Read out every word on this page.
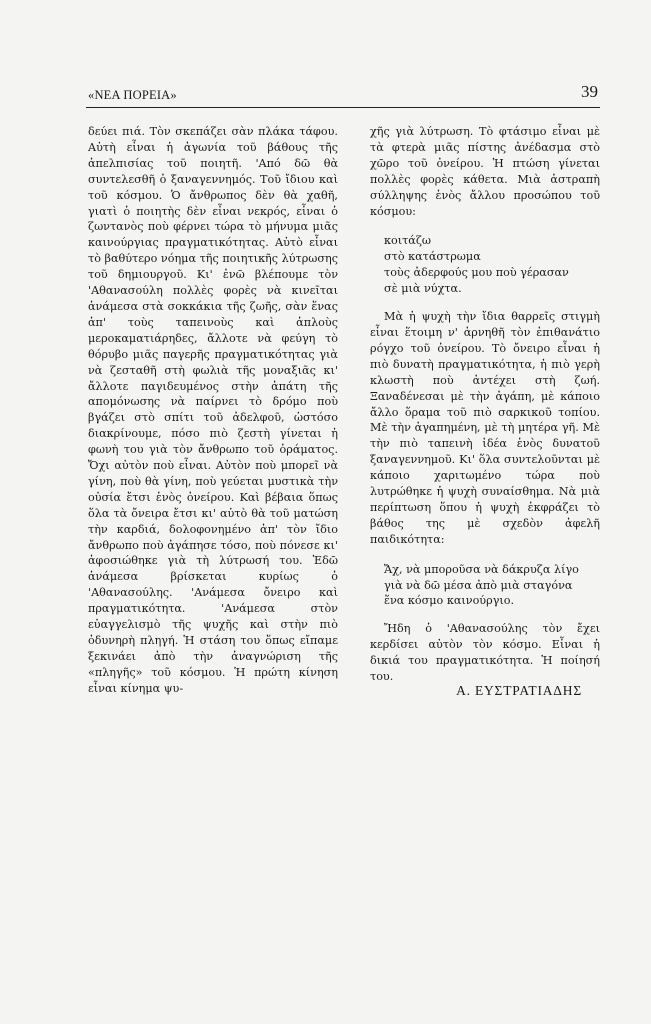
«ΝΕΑ ΠΟΡΕΙΑ»	39

δεύει πιά. Τὸν σκεπάζει σὰν πλάκα τάφου. Αὐτὴ εἶναι ἡ ἀγωνία τοῦ βάθους τῆς ἀπελπισίας τοῦ ποιητῆ. 'Από δῶ θὰ συντελεσθῆ ὁ ξαναγεννημός. Τοῦ ἴδιου καὶ τοῦ κόσμου. Ὁ ἄνθρωπος δὲν θὰ χαθῆ, γιατὶ ὁ ποιητὴς δὲν εἶναι νεκρός, εἶναι ὁ ζωντανὸς ποὺ φέρνει τώρα τὸ μήνυμα μιᾶς καινούργιας πραγματικότητας. Αὐτὸ εἶναι τὸ βαθύτερο νόημα τῆς ποιητικῆς λύτρωσης τοῦ δημιουργοῦ. Κι' ἐνῶ βλέπουμε τὸν 'Αθανασούλη πολλὲς φορὲς νὰ κινεῖται ἀνάμεσα στὰ σοκκάκια τῆς ζωῆς, σὰν ἕνας ἀπ' τοὺς ταπεινοὺς καὶ ἁπλοὺς μεροκαματιάρηδες, ἄλλοτε νὰ φεύγη τὸ θόρυβο μιᾶς παγερῆς πραγματικότητας γιὰ νὰ ζεσταθῆ στὴ φωλιὰ τῆς μοναξιᾶς κι' ἄλλοτε παγιδευμένος στὴν ἀπάτη τῆς απομόνωσης νὰ παίρνει τὸ δρόμο ποὺ βγάζει στὸ σπίτι τοῦ ἀδελφοῦ, ὡστόσο διακρίνουμε, πόσο πιὸ ζεστὴ γίνεται ἡ φωνὴ του γιὰ τὸν ἄνθρωπο τοῦ ὁράματος. Ὄχι αὐτὸν ποὺ εἶναι. Αὐτὸν ποὺ μπορεῖ νὰ γίνη, ποὺ θὰ γίνη, ποὺ γεύεται μυστικὰ τὴν οὐσία ἔτσι ἑνὸς ὀνείρου. Καὶ βέβαια ὅπως ὅλα τὰ ὄνειρα ἔτσι κι' αὐτὸ θὰ τοῦ ματώση τὴν καρδιά, δολοφονημένο ἀπ' τὸν ἴδιο ἄνθρωπο ποὺ ἀγάπησε τόσο, ποὺ πόνεσε κι' ἀφοσιώθηκε γιὰ τὴ λύτρωσή του. Ἐδῶ ἀνάμεσα βρίσκεται κυρίως ὁ 'Αθανασούλης. 'Ανάμεσα ὄνειρο καὶ πραγματικότητα. 'Ανάμεσα στὸν εὐαγγελισμὸ τῆς ψυχῆς καὶ στὴν πιὸ ὀδυνηρὴ πληγή. Ἡ στάση του ὅπως εἴπαμε ξεκινάει ἀπὸ τὴν ἀναγνώριση τῆς «πληγῆς» τοῦ κόσμου. Ἡ πρώτη κίνηση εἶναι κίνημα ψυ-

χῆς γιὰ λύτρωση. Τὸ φτάσιμο εἶναι μὲ τὰ φτερὰ μιᾶς πίστης ἀνέδασμα στὸ χῶρο τοῦ ὀνείρου. Ἡ πτώση γίνεται πολλὲς φορὲς κάθετα. Μιὰ ἀστραπὴ σύλληψης ἑνὸς ἄλλου προσώπου τοῦ κόσμου:

κοιτάζω
στὸ κατάστρωμα
τοὺς ἀδερφούς μου ποὺ γέρασαν
σὲ μιὰ νύχτα.

Μὰ ἡ ψυχὴ τὴν ἴδια θαρρεῖς στιγμὴ εἶναι ἕτοιμη ν' ἀρνηθῆ τὸν ἐπιθανάτιο ρόγχο τοῦ ὀνείρου. Τὸ ὄνειρο εἶναι ἡ πιὸ δυνατὴ πραγματικότητα, ἡ πιὸ γερὴ κλωστὴ ποὺ ἀντέχει στὴ ζωή. Ξαναδένεσαι μὲ τὴν ἀγάπη, μὲ κάποιο ἄλλο ὅραμα τοῦ πιὸ σαρκικοῦ τοπίου. Μὲ τὴν ἀγαπημένη, μὲ τὴ μητέρα γῆ. Μὲ τὴν πιὸ ταπεινὴ ἰδέα ἑνὸς δυνατοῦ ξαναγεννημοῦ. Κι' ὅλα συντελοῦνται μὲ κάποιο χαριτωμένο τώρα ποὺ λυτρώθηκε ἡ ψυχὴ συναίσθημα. Νὰ μιὰ περίπτωση ὅπου ἡ ψυχὴ ἐκφράζει τὸ βάθος της μὲ σχεδὸν ἀφελῆ παιδικότητα:

Ἄχ, νὰ μποροῦσα νὰ δάκρυζα λίγο
γιὰ νὰ δῶ μέσα ἀπὸ μιὰ σταγόνα
ἕνα κόσμο καινούργιο.

Ἤδη ὁ 'Αθανασούλης τὸν ἔχει κερδίσει αὐτὸν τὸν κόσμο. Εἶναι ἡ δικιά του πραγματικότητα. Ἡ ποίησή του.

Α. ΕΥΣΤΡΑΤΙΑΔΗΣ
